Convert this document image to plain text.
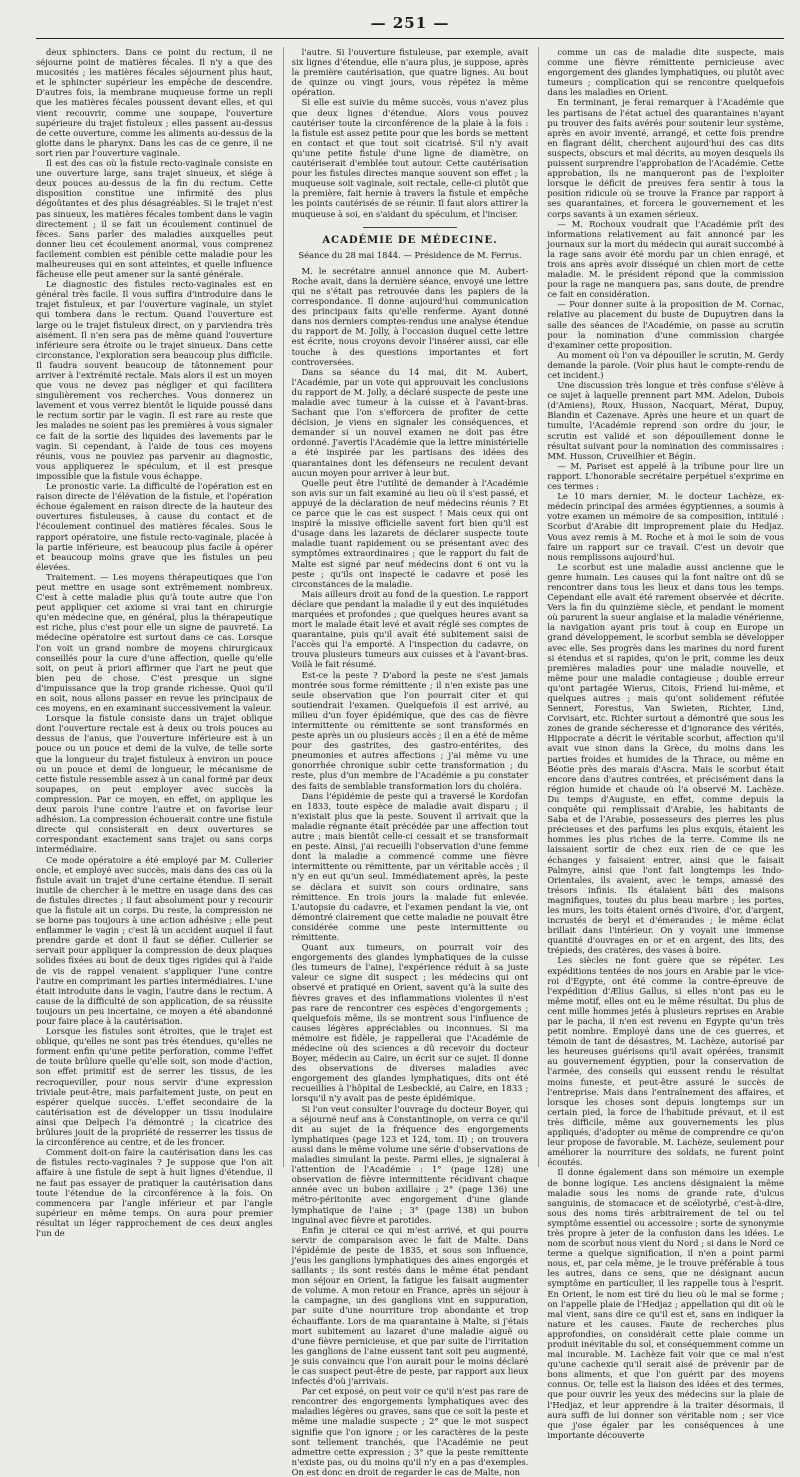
— 251 —

deux sphincters. Dans ce point du rectum, il ne séjourne point de matières fécales. Il n'y a que des mucosités ; les matières fécales séjournent plus haut, et le sphincter supérieur les empêche de descendre. D'autres fois, la membrane muqueuse forme un repli que les matières fécales poussent devant elles, et qui vient recouvrir, comme une soupape, l'ouverture supérieure du trajet fistuleux ; elles passent au-dessus de cette ouverture, comme les aliments au-dessus de la glotte dans le pharynx. Dans les cas de ce genre, il ne sort rien par l'ouverture vaginale.

Il est des cas où la fistule recto-vaginale consiste en une ouverture large, sans trajet sinueux, et siége à deux pouces au-dessus de la fin du rectum. Cette disposition constitue une infirmité des plus dégoûtantes et des plus désagréables. Si le trajet n'est pas sinueux, les matières fécales tombent dans le vagin directement ; il se fait un écoulement continuel de fèces. Sans parler des maladies auxquelles peut donner lieu cet écoulement anormal, vous comprenez facilement combien est pénible cette maladie pour les malheureuses qui en sont atteintes, et quelle influence fâcheuse elle peut amener sur la santé générale.

Le diagnostic des fistules recto-vaginales est en général très facile. Il vous suffira d'introduire dans le trajet fistuleux, et par l'ouverture vaginale, un stylet qui tombera dans le rectum. Quand l'ouverture est large ou le trajet fistuleux direct, on y parviendra très aisément. Il n'en sera pas de même quand l'ouverture inférieure sera étroite ou le trajet sinueux. Dans cette circonstance, l'exploration sera beaucoup plus difficile. Il faudra souvent beaucoup de tâtonnement pour arriver à l'extrémité rectale. Mais alors il est un moyen que vous ne devez pas négliger et qui facilitera singulièrement vos recherches. Vous donnerez un lavement et vous verrez bientôt le liquide poussé dans le rectum sortir par le vagin. Il est rare au reste que les malades ne soient pas les premières à vous signaler ce fait de la sortie des liquides des lavements par le vagin. Si cependant, à l'aide de tous ces moyens réunis, vous ne pouviez pas parvenir au diagnostic, vous appliquerez le spéculum, et il est presque impossible que la fistule vous échappe.

Le pronostic varie. La difficulté de l'opération est en raison directe de l'élévation de la fistule, et l'opération échoue également en raison directe de la hauteur des ouvertures fistuleuses, à cause du contact et de l'écoulement continuel des matières fécales. Sous le rapport opératoire, une fistule recto-vaginale, placée à la partie inférieure, est beaucoup plus facile à opérer et beaucoup moins grave que les fistules un peu élevées.

Traitement. — Les moyens thérapeutiques que l'on peut mettre en usage sont extrêmement nombreux. C'est à cette maladie plus qu'à toute autre que l'on peut appliquer cet axiome si vrai tant en chirurgie qu'en médecine que, en général, plus la thérapeutique est riche, plus c'est pour elle un signe de pauvreté. La médecine opératoire est surtout dans ce cas. Lorsque l'on voit un grand nombre de moyens chirurgicaux conseillés pour la cure d'une affection, quelle qu'elle soit, on peut à priori affirmer que l'art ne peut que bien peu de chose. C'est presque un signe d'impuissance que la trop grande richesse. Quoi qu'il en soit, nous allons passer en revue les principaux de ces moyens, en en examinant successivement la valeur.

Lorsque la fistule consiste dans un trajet oblique dont l'ouverture rectale est à deux ou trois pouces au dessus de l'anus, que l'ouverture inférieure est à un pouce ou un pouce et demi de la vulve, de telle sorte que la longueur du trajet fistuleux à environ un pouce ou un pouce et demi de longueur, le mécanisme de cette fistule ressemble assez à un canal formé par deux soupapes, on peut employer avec succès la compression. Par ce moyen, en effet, on applique les deux parois l'une contre l'autre et on favorise leur adhésion. La compression échouerait contre une fistule directe qui consisterait en deux ouvertures se correspondant exactement sans trajet ou sans corps intermédiaire.

Ce mode opératoire a été employé par M. Cullerier oncle, et employé avec succès, mais dans des cas où la fistule avait un trajet d'une certaine étendue. Il serait inutile de chercher à le mettre en usage dans des cas de fistules directes ; il faut absolument pour y recourir que la fistule ait un corps. Du reste, la compression ne se borne pas toujours à une action adhésive ; elle peut enflammer le vagin ; c'est là un accident auquel il faut prendre garde et dont il faut se défier. Cullerier se servait pour appliquer la compression de deux plaques solides fixées au bout de deux tiges rigides qui à l'aide de vis de rappel venaient s'appliquer l'une contre l'autre en comprimant les parties intermédiaires. L'une était introduite dans le vagin, l'autre dans le rectum. A cause de la difficulté de son application, de sa réussite toujours un peu incertaine, ce moyen a été abandonné pour faire place à la cautérisation.

Lorsque les fistules sont étroites, que le trajet est oblique, qu'elles ne sont pas très étendues, qu'elles ne forment enfin qu'une petite perforation, comme l'effet de toute brûlure quelle qu'elle soit, son mode d'action, son effet primitif est de serrer les tissus, de les recroqueviller, pour nous servir d'une expression triviale peut-être, mais parfaitement juste, on peut en espérer quelque succès. L'effet secondaire de la cautérisation est de développer un tissu inodulaire ainsi que Delpech l'a démontré ; la cicatrice des brûlures jouit de la propriété de resserrer les tissus de la circonférence au centre, et de les froncer.

Comment doit-on faire la cautérisation dans les cas de fistules recto-vaginales ? Je suppose que l'on ait affaire à une fistule de sept à huit lignes d'étendue, il ne faut pas essayer de pratiquer la cautérisation dans toute l'étendue de la circonférence à la fois. On commencera par l'angle inférieur et par l'angle supérieur en même temps. On aura pour premier résultat un léger rapprochement de ces deux angles l'un de

l'autre. Si l'ouverture fistuleuse, par exemple, avait six lignes d'étendue, elle n'aura plus, je suppose, après la première cautérisation, que quatre lignes. Au bout de quinze ou vingt jours, vous répétez la même opération.

Si elle est suivie du même succès, vous n'avez plus que deux lignes d'étendue. Alors vous pouvez cautériser toute la circonférence de la plaie à la fois : la fistule est assez petite pour que les bords se mettent en contact et que tout soit cicatrisé. S'il n'y avait qu'une petite fistule d'une ligne de diamètre, on cautériserait d'emblée tout autour. Cette cautérisation pour les fistules directes manque souvent son effet ; la muqueuse soit vaginale, soit rectale, celle-ci plutôt que la première, fait hernie à travers la fistule et empêche les points cautérisés de se réunir. Il faut alors attirer la muqueuse à soi, en s'aidant du spéculum, et l'inciser.

ACADÉMIE DE MÉDECINE.
Séance du 28 mai 1844. — Présidence de M. Ferrus.

M. le secrétaire annuel annonce que M. Aubert-Roche avait, dans la dernière séance, envoyé une lettre qui ne s'était pas retrouvée dans les papiers de la correspondance. Il donne aujourd'hui communication des principaux faits qu'elle renferme. Ayant donné dans nos derniers comptes-rendus une analyse étendue du rapport de M. Jolly, à l'occasion duquel cette lettre est écrite, nous croyons devoir l'insérer aussi, car elle touche à des questions importantes et fort controversées.

Dans sa séance du 14 mai, dit M. Aubert, l'Académie, par un vote qui approuvait les conclusions du rapport de M. Jolly, a déclaré suspecte de peste une maladie avec tumeur à la cuisse et à l'avant-bras. Sachant que l'on s'efforcera de profiter de cette décision, je viens en signaler les conséquences, et demander si un nouvel examen ne doit pas être ordonné. J'avertis l'Académie que la lettre ministérielle a été inspirée par les partisans des idées des quarantaines dont les défenseurs ne reculent devant aucun moyen pour arriver à leur but.

Quelle peut être l'utilité de demander à l'Académie son avis sur un fait examiné au lieu où il s'est passé, et appuyé de la déclaration de neuf médecins réunis ? Et ce parce que le cas est suspect ! Mais ceux qui ont inspiré la missive officielle savent fort bien qu'il est d'usage dans les lazarets de déclarer suspecte toute maladie tuant rapidement ou se présentant avec des symptômes extraordinaires ; que le rapport du fait de Malte est signé par neuf médecins dont 6 ont vu la peste ; qu'ils ont inspecté le cadavre et posé les circonstances de la maladie.

Mais ailleurs droit au fond de la question. Le rapport déclare que pendant la maladie il y eut des inquiétudes marquées et profondes ; que quelques heures avant sa mort le malade était levé et avait réglé ses comptes de quarantaine, puis qu'il avait été subitement saisi de l'accès qui l'a emporté. A l'inspection du cadavre, on trouva plusieurs tumeurs aux cuisses et à l'avant-bras. Voilà le fait résumé.

Est-ce la peste ? D'abord la peste ne s'est jamais montrée sous forme rémittente ; il n'en existe pas une seule observation que l'on pourrait citer et qui soutiendrait l'examen. Quelquefois il est arrivé, au milieu d'un foyer épidémique, que des cas de fièvre intermittente ou rémittente se sont transformés en peste après un ou plusieurs accès ; il en a été de même pour des gastrites, des gastro-entérites, des pneumonies et autres affections ; j'ai même vu une gonorrhée chronique subir cette transformation ; du reste, plus d'un membre de l'Académie a pu constater des faits de semblable transformation lors du choléra.

Dans l'épidémie de peste qui a traversé le Kordofan en 1833, toute espèce de maladie avait disparu ; il n'existait plus que la peste. Souvent il arrivait que la maladie régnante était précédée par une affection tout autre ; mais bientôt celle-ci cessait et se transformait en peste. Ainsi, j'ai recueilli l'observation d'une femme dont la maladie a commencé comme une fièvre intermittente ou rémittente, par un véritable accès ; il n'y en eut qu'un seul. Immédiatement après, la peste se déclara et suivit son cours ordinaire, sans rémittence. En trois jours la malade fut enlevée. L'autopsie du cadavre, et l'examen pendant la vie, ont démontré clairement que cette maladie ne pouvait être considérée comme une peste intermittente ou rémittente.

Quant aux tumeurs, on pourrait voir des engorgements des glandes lymphatiques de la cuisse (les tumeurs de l'aine), l'expérience réduit à sa juste valeur ce signe dit suspect ; les médecins qui ont observé et pratiqué en Orient, savent qu'à la suite des fièvres graves et des inflammations violentes il n'est pas rare de rencontrer ces espèces d'engorgements ; quelquefois même, ils se montrent sous l'influence de causes légères appréciables ou inconnues. Si ma mémoire est fidèle, je rappellerai que l'Académie de médecine où des sciences a dû recevoir du docteur Boyer, médecin au Caire, un écrit sur ce sujet. Il donne des observations de diverses maladies avec engorgement des glandes lymphatiques, dits ont été recueillies à l'hôpital de Lesbeckié, au Caire, en 1833 ; lorsqu'il n'y avait pas de peste épidémique.

Si l'on veut consulter l'ouvrage du docteur Boyer, qui a séjourné neuf ans à Constantinople, on verra ce qu'il dit au sujet de la fréquence des engorgements lymphatiques (page 123 et 124, tom. II) ; on trouvera aussi dans le même volume une série d'observations de maladies simulant la peste. Parmi elles, je signalerai à l'attention de l'Académie : 1° (page 128) une observation de fièvre intermittente récidivant chaque année avec un bubon axillaire ; 2° (page 136) une métro-péritonite avec engorgement d'une glande lymphatique de l'aine ; 3° (page 138) un bubon inguinal avec fièvre et parotides.

Enfin je citerai ce qui m'est arrivé, et qui pourra servir de comparaison avec le fait de Malte. Dans l'épidémie de peste de 1835, et sous son influence, j'eus les ganglions lymphatiques des aines engorgés et saillants ; ils sont restés dans le même état pendant mon séjour en Orient, la fatigue les faisait augmenter de volume. A mon retour en France, après un séjour à la campagne, un des ganglions vint en suppuration, par suite d'une nourriture trop abondante et trop échauffante. Lors de ma quarantaine à Malte, si j'étais mort subitement au lazaret d'une maladie aiguë ou d'une fièvre pernicieuse, et que par suite de l'irritation les ganglions de l'aine eussent tant soit peu augmenté, je suis convaincu que l'on aurait pour le moins déclaré le cas suspect peut-être de peste, par rapport aux lieux infectés d'où j'arrivais.

Par cet exposé, on peut voir ce qu'il n'est pas rare de rencontrer des engorgements lymphatiques avec des maladies légères ou graves, sans que ce soit la peste et même une maladie suspecte ; 2° que le mot suspect signifie que l'on ignore ; or les caractères de la peste sont tellement tranchés, que l'Académie ne peut admettre cette expression ; 3° que la peste remittente n'existe pas, ou du moins qu'il n'y en a pas d'exemples. On est donc en droit de regarder le cas de Malte, non

comme un cas de maladie dite suspecte, mais comme une fièvre rémittente pernicieuse avec engorgement des glandes lymphatiques, ou plutôt avec tumeurs ; complication qui se rencontre quelquefois dans les maladies en Orient.

En terminant, je ferai remarquer à l'Académie que les partisans de l'état actuel des quarantaines n'ayant pu trouver des faits avérés pour soutenir leur système, après en avoir inventé, arrangé, et cette fois prendre en flagrant délit, cherchent aujourd'hui des cas dits suspects, obscurs et mal décrits, au moyen desquels ils puissent surprendre l'approbation de l'Académie. Cette approbation, ils ne manqueront pas de l'exploiter lorsque le déficit de preuves fera sentir à tous la position ridicule où se trouve la France par rapport à ses quarantaines, et forcera le gouvernement et les corps savants à un examen sérieux.

— M. Rochoux voudrait que l'Académie prît des informations relativement au fait annoncé par les journaux sur la mort du médecin qui aurait succombé à la rage sans avoir été mordu par un chien enragé, et trois ans après avoir disséqué un chien mort de cette maladie. M. le président répond que la commission pour la rage ne manquera pas, sans doute, de prendre ce fait en considération.

— Pour donner suite à la proposition de M. Cornac, relative au placement du buste de Dupuytren dans la salle des séances de l'Académie, on passe au scrutin pour la nomination d'une commission chargée d'examiner cette proposition.

Au moment où l'on va dépouiller le scrutin, M. Gerdy demande la parole. (Voir plus haut le compte-rendu de cet incident.)

Une discussion très longue et très confuse s'élève à ce sujet à laquelle prennent part MM. Adelon, Dubois (d'Amiens), Roux, Husson, Nacquart, Mérat, Dupuy, Blandin et Cazenave. Après une heure et un quart de tumulte, l'Académie reprend son ordre du jour, le scrutin est validé et son dépouillement donne le résultat suivant pour la nomination des commissaires : MM. Husson, Cruveilhier et Bégin.

— M. Pariset est appelé à la tribune pour lire un rapport. L'honorable secrétaire perpétuel s'exprime en ces termes :

Le 10 mars dernier, M. le docteur Lachèze, ex-médecin principal des armées égyptiennes, a soumis à votre examen un mémoire de sa composition, intitulé : Scorbut d'Arabie dit improprement plaie du Hedjaz. Vous avez remis à M. Roche et à moi le soin de vous faire un rapport sur ce travail. C'est un devoir que nous remplissons aujourd'hui.

Le scorbut est une maladie aussi ancienne que le genre humain. Les causes qui la font naître ont dû se rencontrer dans tous les lieux et dans tous les temps. Cependant elle avait été rarement observée et décrite. Vers la fin du quinzième siècle, et pendant le moment où parurent la sueur anglaise et la maladie vénérienne, la navigation ayant pris tout à coup en Europe un grand développement, le scorbut sembla se développer avec elle. Ses progrès dans les marines du nord furent si étendus et si rapides, qu'on le prit, comme les deux premières maladies pour une maladie nouvelle, et même pour une maladie contagieuse ; double erreur qu'ont partagée Wierus, Citois, Friend lui-même, et quelques autres ; mais qu'ont solidement réfutée Sennert, Forestus, Van Swieten, Richter, Lind, Corvisart, etc. Richter surtout a démontré que sous les zones de grande sécheresse et d'ignorance des vérités, Hippocrate a décrit le véritable scorbut, affection qu'il avait vue sinon dans la Grèce, du moins dans les parties froides et humides de la Thrace, ou même en Béotie près des marais d'Ascra. Mais le scorbut était encore dans d'autres contrées, et précisément dans la région humide et chaude où l'a observé M. Lachèze. Du temps d'Auguste, en effet, comme depuis la conquête qui remplissait d'Arabie, les habitants de Saba et de l'Arabie, possesseurs des pierres les plus précieuses et des parfums les plus exquis, étaient les hommes les plus riches de la terre. Comme ils ne laissaient sortir de chez eux rien de ce que les échanges y faisaient entrer, ainsi que le faisait Palmyre, ainsi que l'ont fait longtemps les Indo-Orientales, ils avaient, avec le temps, amassé des trésors infinis. Ils étalaient bâti des maisons magnifiques, toutes du plus beau marbre ; les portes, les murs, les toits étaient ornés d'ivoire, d'or, d'argent, incrustés de beryl et d'émeraudes ; le même éclat brillait dans l'intérieur. On y voyait une immense quantité d'ouvrages en or et en argent, des lits, des trépieds, des cratères, des vases à boire.

Les siècles ne font guère que se répéter. Les expéditions tentées de nos jours en Arabie par le vice-roi d'Egypte, ont été comme la contre-épreuve de l'expédition d'Ælius Gallus, si elles n'ont pas eu le même motif, elles ont eu le même résultat. Du plus de cent mille hommes jetés à plusieurs reprises en Arabie par le pacha, il n'en est revenu en Egypte qu'un très petit nombre. Employé dans une de ces guerres, et témoin de tant de désastres, M. Lachèze, autorisé par les heureuses guérisons qu'il avait opérées, transmit au gouvernement égyptien, pour la conservation de l'armée, des conseils qui eussent rendu le résultat moins funeste, et peut-être assuré le succès de l'entreprise. Mais dans l'entraînement des affaires, et lorsque les choses sont depuis longtemps sur un certain pied, la force de l'habitude prévaut, et il est très difficile, même aux gouvernements les plus appliqués, d'adopter ou même de comprendre ce qu'on leur propose de favorable. M. Lachèze, seulement pour améliorer la nourriture des soldats, ne furent point écoutés.

Il donne également dans son mémoire un exemple de bonne logique. Les anciens désignaient la même maladie sous les noms de grande rate, d'ulcus sanguinis, de stomacace et de scélotyrbé, c'est-à-dire, sous des noms tirés arbitrairement de tel ou tel symptôme essentiel ou accessoire ; sorte de synonymie très propre à jeter de la confusion dans les idées. Le nom de scorbut nous vient du Nord ; si dans le Nord ce terme a quelque signification, il n'en a point parmi nous, et, par cela même, je le trouve préférable à tous les autres, dans ce sens, que ne désignant aucun symptôme en particulier, il les rappelle tous à l'esprit. En Orient, le nom est tiré du lieu où le mal se forme ; on l'appelle plaie de l'Hedjaz ; appellation qui dit où le mal vient, sans dire ce qu'il est et, sans en indiquer la nature et les causes. Faute de recherches plus approfondies, on considérait cette plaie comme un produit inévitable du sol, et conséquemment comme un mal incurable. M. Lachèze fait voir que ce mal n'est qu'une cachexie qu'il serait aisé de prévenir par de bons aliments, et que l'on guérit par des moyens connus. Or, telle est la liaison des idées et des termes, que pour ouvrir les yeux des médecins sur la plaie de l'Hedjaz, et leur apprendre à la traiter désormais, il aura suffi de lui donner son véritable nom ; ser vice que j'ose égaler par les conséquences à une importante découverte
